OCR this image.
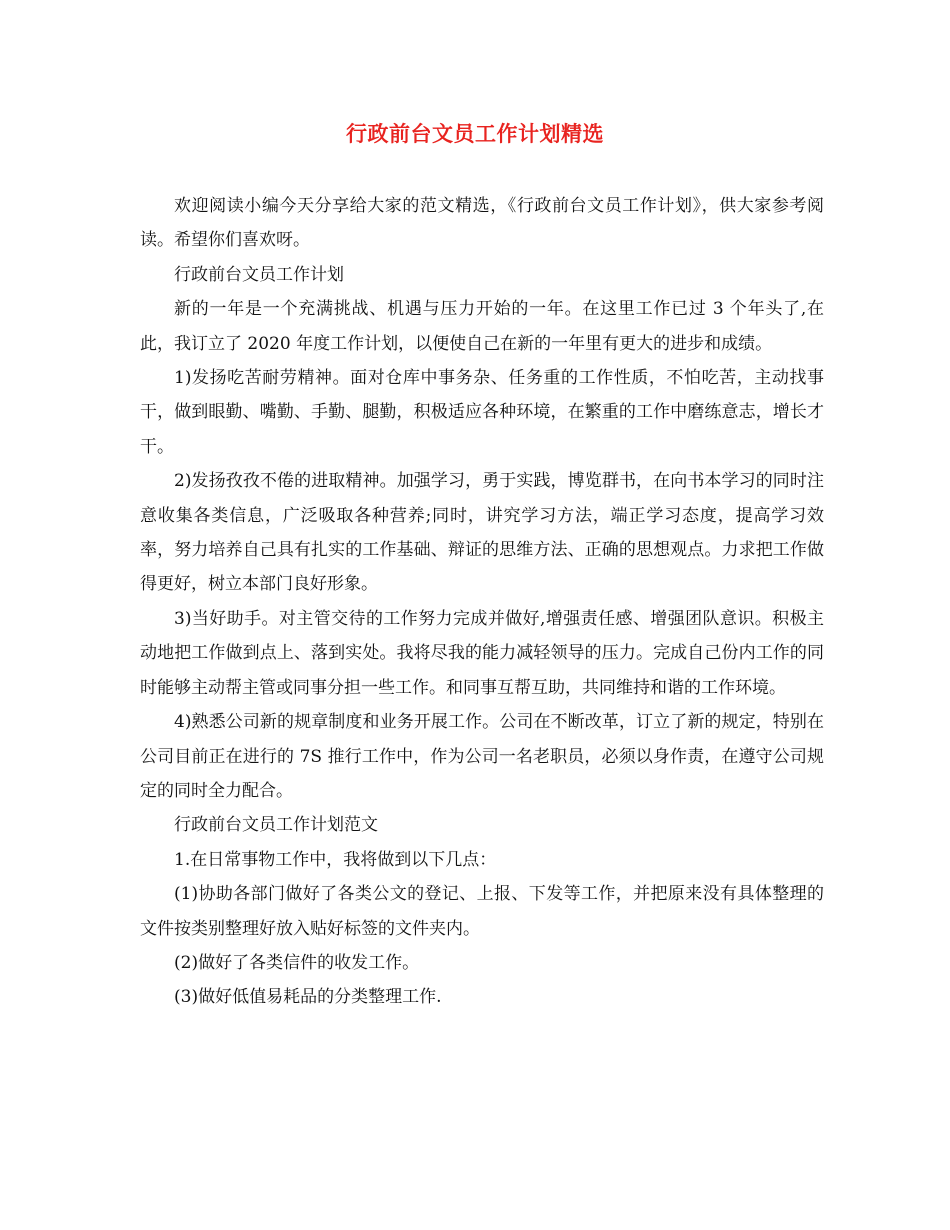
行政前台文员工作计划精选

欢迎阅读小编今天分享给大家的范文精选，《行政前台文员工作计划》，供大家参考阅读。希望你们喜欢呀。

行政前台文员工作计划

新的一年是一个充满挑战、机遇与压力开始的一年。在这里工作已过 3 个年头了,在此，我订立了 2020 年度工作计划，以便使自己在新的一年里有更大的进步和成绩。

1)发扬吃苦耐劳精神。面对仓库中事务杂、任务重的工作性质，不怕吃苦，主动找事干，做到眼勤、嘴勤、手勤、腿勤，积极适应各种环境，在繁重的工作中磨练意志，增长才干。

2)发扬孜孜不倦的进取精神。加强学习，勇于实践，博览群书，在向书本学习的同时注意收集各类信息，广泛吸取各种营养;同时，讲究学习方法，端正学习态度，提高学习效率，努力培养自己具有扎实的工作基础、辩证的思维方法、正确的思想观点。力求把工作做得更好，树立本部门良好形象。

3)当好助手。对主管交待的工作努力完成并做好,增强责任感、增强团队意识。积极主动地把工作做到点上、落到实处。我将尽我的能力减轻领导的压力。完成自己份内工作的同时能够主动帮主管或同事分担一些工作。和同事互帮互助，共同维持和谐的工作环境。

4)熟悉公司新的规章制度和业务开展工作。公司在不断改革，订立了新的规定，特别在公司目前正在进行的 7S 推行工作中，作为公司一名老职员，必须以身作责，在遵守公司规定的同时全力配合。

行政前台文员工作计划范文

1.在日常事物工作中，我将做到以下几点：

(1)协助各部门做好了各类公文的登记、上报、下发等工作，并把原来没有具体整理的文件按类别整理好放入贴好标签的文件夹内。

(2)做好了各类信件的收发工作。

(3)做好低值易耗品的分类整理工作.
